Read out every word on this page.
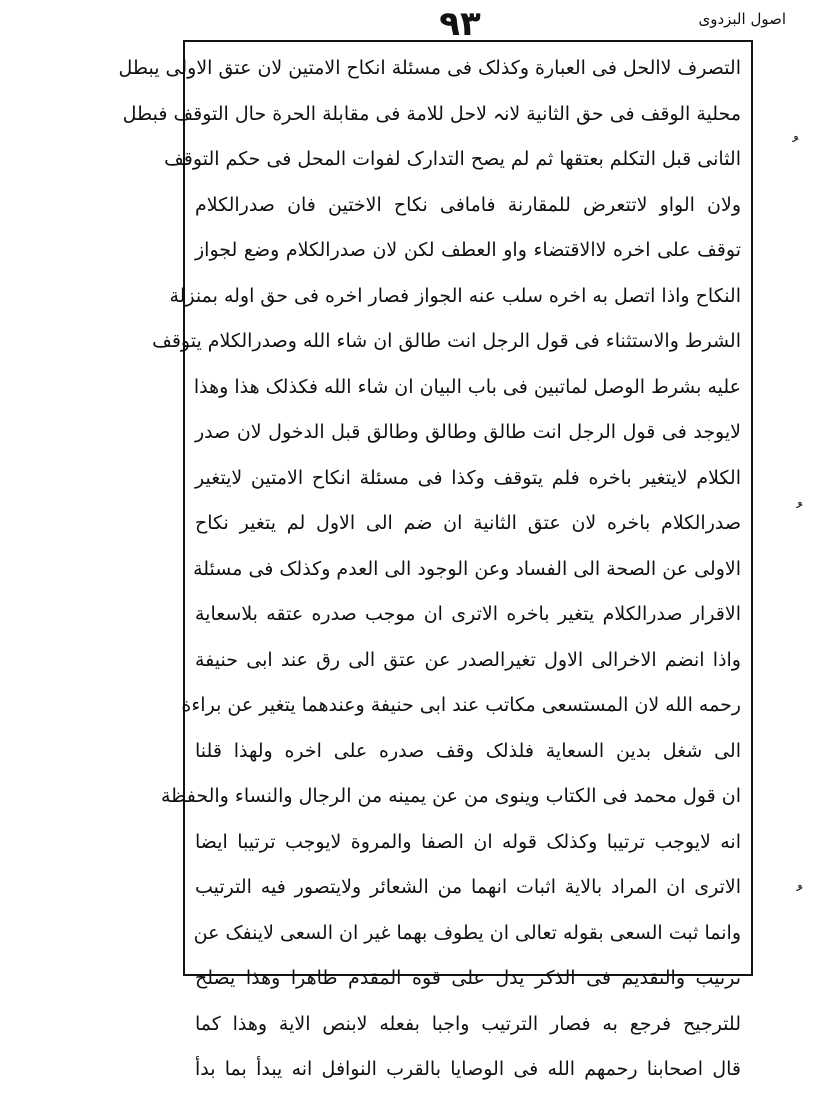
اصول البزدوی
٩٣
التصرف لاالحل فی العبارة وکذلک فی مسئلة انکاح الامتین لان عتق الاولی یبطل
محلیة الوقف فی حق الثانیة لانہ لاحل للامة فی مقابلة الحرة حال التوقف فبطل
الثانی قبل التکلم بعتقها ثم لم یصح التدارک لفوات المحل فی حکم التوقف
ولان الواو لاتتعرض للمقارنة فامافی نکاح الاختین فان صدرالکلام
توقف علی اخره لاالاقتضاء واو العطف لکن لان صدرالکلام وضع لجواز
النکاح واذا اتصل به اخره سلب عنه الجواز فصار اخره فی حق اوله بمنزلة
الشرط والاستثناء فی قول الرجل انت طالق ان شاء الله وصدرالکلام یتوقف
علیه بشرط الوصل لماتبین فی باب البیان ان شاء الله فکذلک هذا وهذا
لایوجد فی قول الرجل انت طالق وطالق وطالق قبل الدخول لان صدر
الکلام لایتغیر باخره فلم یتوقف وکذا فی مسئلة انکاح الامتین لایتغیر
صدرالکلام باخره لان عتق الثانیة ان ضم الی الاول لم یتغیر نکاح
الاولی عن الصحة الی الفساد وعن الوجود الی العدم وکذلک فی مسئلة
الاقرار صدرالکلام یتغیر باخره الاتری ان موجب صدره عتقه بلاسعایة
واذا انضم الاخرالی الاول تغیرالصدر عن عتق الی رق عند ابی حنیفة
رحمه الله لان المستسعی مکاتب عند ابی حنیفة وعندهما یتغیر عن براءة
الی شغل بدین السعایة فلذلک وقف صدره علی اخره ولهذا قلنا
ان قول محمد فی الکتاب وینوی من عن یمینه من الرجال والنساء والحفظة
انه لایوجب ترتیبا وکذلک قوله ان الصفا والمروة لایوجب ترتیبا ایضا
الاتری ان المراد بالایة اثبات انهما من الشعائر ولایتصور فیه الترتیب
وانما ثبت السعی بقوله تعالی ان یطوف بهما غیر ان السعی لاینفک عن
ترتیب والتقدیم فی الذکر یدل علی قوة المقدم ظاهرا وهذا یصلح
للترجیح فرجع به فصار الترتیب واجبا بفعله لابنص الایة وهذا کما
قال اصحابنا رحمهم الله فی الوصایا بالقرب النوافل انه یبدأ بما بدأ
ﹸ
ﹸ
ﹸ
